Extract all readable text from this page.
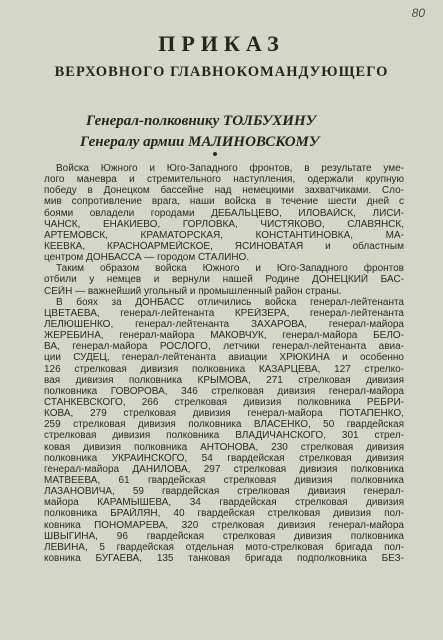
80
ПРИКАЗ
ВЕРХОВНОГО ГЛАВНОКОМАНДУЮЩЕГО
Генерал-полковнику ТОЛБУХИНУ
Генералу армии МАЛИНОВСКОМУ
Войска Южного и Юго-Западного фронтов, в результате уме-
лого маневра и стремительного наступления, одержали крупную
победу в Донецком бассейне над немецкими захватчиками. Сло-
мив сопротивление врага, наши войска в течение шести дней с
боями овладели городами ДЕБАЛЬЦЕВО, ИЛОВАЙСК, ЛИСИ-
ЧАНСК, ЕНАКИЕВО, ГОРЛОВКА, ЧИСТЯКОВО, СЛАВЯНСК,
АРТЕМОВСК, КРАМАТОРСКАЯ, КОНСТАНТИНОВКА, МА-
КЕЕВКА, КРАСНОАРМЕЙСКОЕ, ЯСИНОВАТАЯ и областным
центром ДОНБАССА — городом СТАЛИНО.
Таким образом войска Южного и Юго-Западного фронтов
отбили у немцев и вернули нашей Родине ДОНЕЦКИЙ БАС-
СЕЙН — важнейший угольный и промышленный район страны.
В боях за ДОНБАСС отличились войска генерал-лейтенанта
ЦВЕТАЕВА, генерал-лейтенанта КРЕЙЗЕРА, генерал-лейтенанта
ЛЕЛЮШЕНКО, генерал-лейтенанта ЗАХАРОВА, генерал-майора
ЖЕРЕБИНА, генерал-майора МАКОВЧУК, генерал-майора БЕЛО-
ВА, генерал-майора РОСЛОГО, летчики генерал-лейтенанта авиа-
ции СУДЕЦ, генерал-лейтенанта авиации ХРЮКИНА и особенно
126 стрелковая дивизия полковника КАЗАРЦЕВА, 127 стрелко-
вая дивизия полковника КРЫМОВА, 271 стрелковая дивизия
полковника ГОВОРОВА, 346 стрелковая дивизия генерал-майора
СТАНКЕВСКОГО, 266 стрелковая дивизия полковника РЕБРИ-
КОВА, 279 стрелковая дивизия генерал-майора ПОТАПЕНКО,
259 стрелковая дивизия полковника ВЛАСЕНКО, 50 гвардейская
стрелковая дивизия полковника ВЛАДИЧАНСКОГО, 301 стрел-
ковая дивизия полковника АНТОНОВА, 230 стрелковая дивизия
полковника УКРАИНСКОГО, 54 гвардейская стрелковая дивизия
генерал-майора ДАНИЛОВА, 297 стрелковая дивизия полковника
МАТВЕЕВА, 61 гвардейская стрелковая дивизия полковника
ЛАЗАНОВИЧА, 59 гвардейская стрелковая дивизия генерал-
майора КАРАМЫШЕВА, 34 гвардейская стрелковая дивизия
полковника БРАЙЛЯН, 40 гвардейская стрелковая дивизия пол-
ковника ПОНОМАРЕВА, 320 стрелковая дивизия генерал-майора
ШВЫГИНА, 96 гвардейская стрелковая дивизия полковника
ЛЕВИНА, 5 гвардейская отдельная мото-стрелковая бригада пол-
ковника БУГАЕВА, 135 танковая бригада подполковника БЕЗ-
